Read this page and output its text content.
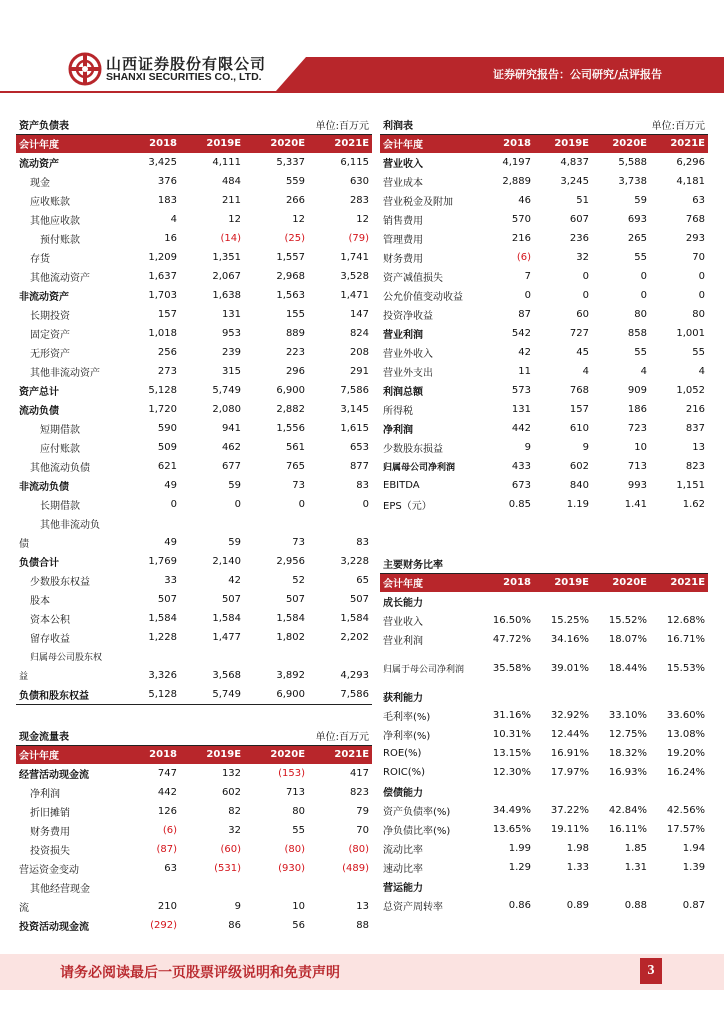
山西证券股份有限公司
SHANXI SECURITIES CO., LTD.	证券研究报告：公司研究/点评报告
资产负债表			单位:百万元	
会计年度	2018	2019E	2020E	2021E
流动资产	3,425	4,111	5,337	6,115
现金	376	484	559	630
应收账款	183	211	266	283
其他应收款	4	12	12	12
预付账款	16	(14)	(25)	(79)
存货	1,209	1,351	1,557	1,741
其他流动资产	1,637	2,067	2,968	3,528
非流动资产	1,703	1,638	1,563	1,471
长期投资	157	131	155	147
固定资产	1,018	953	889	824
无形资产	256	239	223	208
其他非流动资产	273	315	296	291
资产总计	5,128	5,749	6,900	7,586
流动负债	1,720	2,080	2,882	3,145
短期借款	590	941	1,556	1,615
应付账款	509	462	561	653
其他流动负债	621	677	765	877
非流动负债	49	59	73	83
长期借款	0	0	0	0
其他非流动负				
债	49	59	73	83
负债合计	1,769	2,140	2,956	3,228
少数股东权益	33	42	52	65
股本	507	507	507	507
资本公积	1,584	1,584	1,584	1,584
留存收益	1,228	1,477	1,802	2,202
归属母公司股东权				
益	3,326	3,568	3,892	4,293
负债和股东权益	5,128	5,749	6,900	7,586
现金流量表			单位:百万元	
会计年度	2018	2019E	2020E	2021E
经营活动现金流	747	132	(153)	417
净利润	442	602	713	823
折旧摊销	126	82	80	79
财务费用	(6)	32	55	70
投资损失	(87)	(60)	(80)	(80)
营运资金变动	63	(531)	(930)	(489)
其他经营现金				
流	210	9	10	13
投资活动现金流	(292)	86	56	88
利润表			单位:百万元	
会计年度	2018	2019E	2020E	2021E
营业收入	4,197	4,837	5,588	6,296
营业成本	2,889	3,245	3,738	4,181
营业税金及附加	46	51	59	63
销售费用	570	607	693	768
管理费用	216	236	265	293
财务费用	(6)	32	55	70
资产减值损失	7	0	0	0
公允价值变动收益	0	0	0	0
投资净收益	87	60	80	80
营业利润	542	727	858	1,001
营业外收入	42	45	55	55
营业外支出	11	4	4	4
利润总额	573	768	909	1,052
所得税	131	157	186	216
净利润	442	610	723	837
少数股东损益	9	9	10	13
归属母公司净利润	433	602	713	823
EBITDA	673	840	993	1,151
EPS（元）	0.85	1.19	1.41	1.62
主要财务比率				
会计年度	2018	2019E	2020E	2021E
成长能力				
营业收入	16.50%	15.25%	15.52%	12.68%
营业利润	47.72%	34.16%	18.07%	16.71%
归属于母公司净利润	35.58%	39.01%	18.44%	15.53%
获利能力				
毛利率(%)	31.16%	32.92%	33.10%	33.60%
净利率(%)	10.31%	12.44%	12.75%	13.08%
ROE(%)	13.15%	16.91%	18.32%	19.20%
ROIC(%)	12.30%	17.97%	16.93%	16.24%
偿债能力				
资产负债率(%)	34.49%	37.22%	42.84%	42.56%
净负债比率(%)	13.65%	19.11%	16.11%	17.57%
流动比率	1.99	1.98	1.85	1.94
速动比率	1.29	1.33	1.31	1.39
营运能力				
总资产周转率	0.86	0.89	0.88	0.87
请务必阅读最后一页股票评级说明和免责声明	3
